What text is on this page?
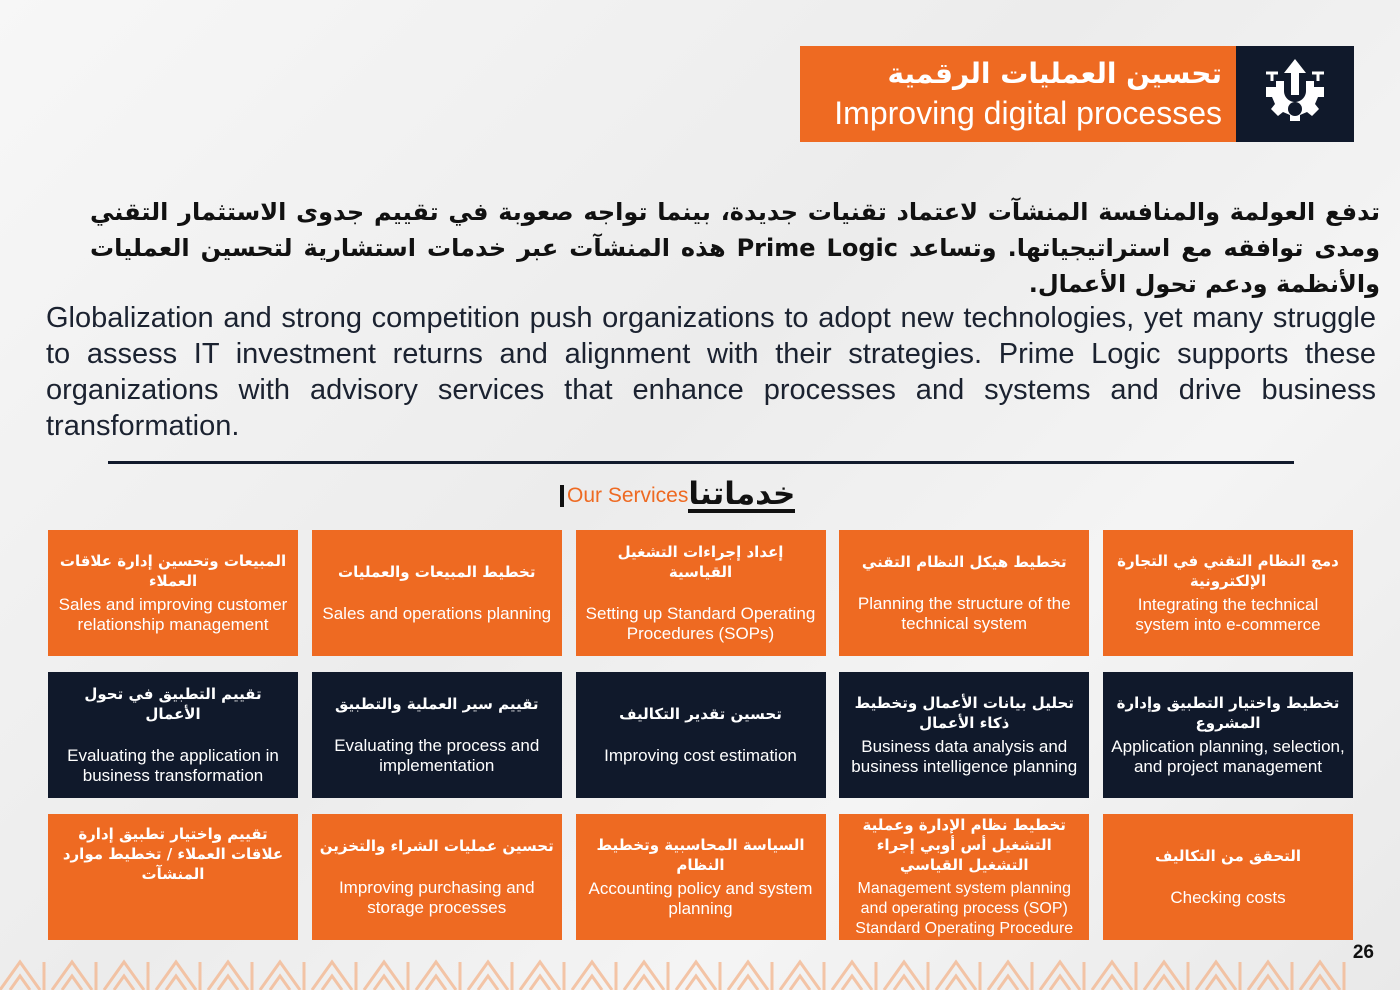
تحسين العمليات الرقمية
Improving digital processes

تدفع العولمة والمنافسة المنشآت لاعتماد تقنيات جديدة، بينما تواجه صعوبة في تقييم جدوى الاستثمار التقني ومدى توافقه مع استراتيجياتها. وتساعد Prime Logic هذه المنشآت عبر خدمات استشارية لتحسين العمليات والأنظمة ودعم تحول الأعمال.

Globalization and strong competition push organizations to adopt new technologies, yet many struggle to assess IT investment returns and alignment with their strategies. Prime Logic supports these organizations with advisory services that enhance processes and systems and drive business transformation.

Our Services خدماتنا
دمج النظام التقني في التجارة الإلكترونية
Integrating the technical system into e-commerce
تخطيط هيكل النظام التقني
Planning the structure of the technical system
إعداد إجراءات التشغيل القياسية
Setting up Standard Operating Procedures (SOPs)
تخطيط المبيعات والعمليات
Sales and operations planning
المبيعات وتحسين إدارة علاقات العملاء
Sales and improving customer relationship management
تخطيط واختيار التطبيق وإدارة المشروع
Application planning, selection, and project management
تحليل بيانات الأعمال وتخطيط ذكاء الأعمال
Business data analysis and business intelligence planning
تحسين تقدير التكاليف
Improving cost estimation
تقييم سير العملية والتطبيق
Evaluating the process and implementation
تقييم التطبيق في تحول الأعمال
Evaluating the application in business transformation
التحقق من التكاليف
Checking costs
تخطيط نظام الإدارة وعملية التشغيل أس أوبي إجراء التشغيل القياسي
Management system planning and operating process (SOP) Standard Operating Procedure
السياسة المحاسبية وتخطيط النظام
Accounting policy and system planning
تحسين عمليات الشراء والتخزين
Improving purchasing and storage processes
تقييم واختيار تطبيق إدارة علاقات العملاء / تخطيط موارد المنشآت
26
